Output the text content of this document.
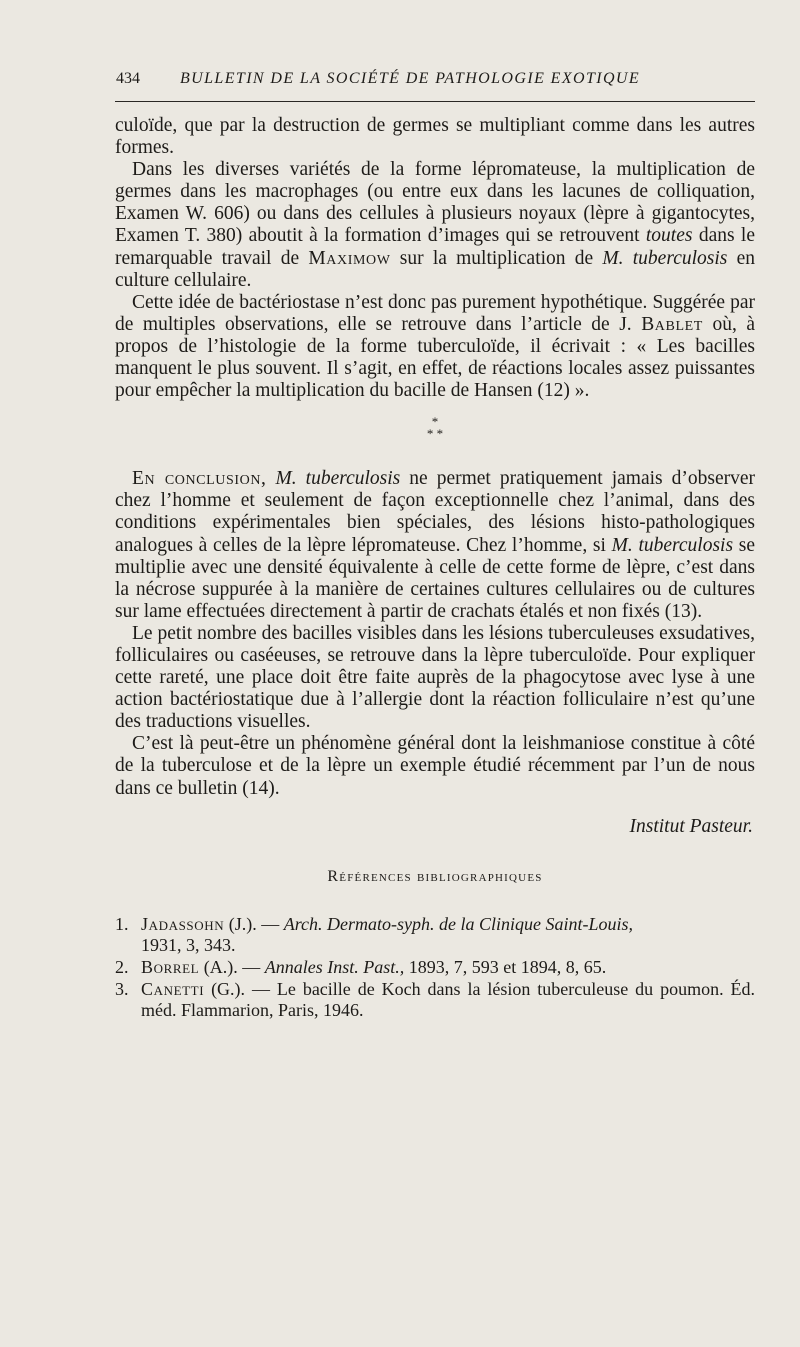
434	BULLETIN DE LA SOCIÉTÉ DE PATHOLOGIE EXOTIQUE

culoïde, que par la destruction de germes se multipliant comme dans les autres formes.

Dans les diverses variétés de la forme lépromateuse, la multiplication de germes dans les macrophages (ou entre eux dans les lacunes de colliquation, Examen W. 606) ou dans des cellules à plusieurs noyaux (lèpre à gigantocytes, Examen T. 380) aboutit à la formation d’images qui se retrouvent toutes dans le remarquable travail de Maximow sur la multiplication de M. tuberculosis en culture cellulaire.

Cette idée de bactériostase n’est donc pas purement hypothétique. Suggérée par de multiples observations, elle se retrouve dans l’article de J. Bablet où, à propos de l’histologie de la forme tuberculoïde, il écrivait : « Les bacilles manquent le plus souvent. Il s’agit, en effet, de réactions locales assez puissantes pour empêcher la multiplication du bacille de Hansen (12) ».

*
* *

En conclusion, M. tuberculosis ne permet pratiquement jamais d’observer chez l’homme et seulement de façon exceptionnelle chez l’animal, dans des conditions expérimentales bien spéciales, des lésions histo-pathologiques analogues à celles de la lèpre lépromateuse. Chez l’homme, si M. tuberculosis se multiplie avec une densité équivalente à celle de cette forme de lèpre, c’est dans la nécrose suppurée à la manière de certaines cultures cellulaires ou de cultures sur lame effectuées directement à partir de crachats étalés et non fixés (13).

Le petit nombre des bacilles visibles dans les lésions tuberculeuses exsudatives, folliculaires ou caséeuses, se retrouve dans la lèpre tuberculoïde. Pour expliquer cette rareté, une place doit être faite auprès de la phagocytose avec lyse à une action bactériostatique due à l’allergie dont la réaction folliculaire n’est qu’une des traductions visuelles.

C’est là peut-être un phénomène général dont la leishmaniose constitue à côté de la tuberculose et de la lèpre un exemple étudié récemment par l’un de nous dans ce bulletin (14).

Institut Pasteur.
Références bibliographiques
1. Jadassohn (J.). — Arch. Dermato-syph. de la Clinique Saint-Louis,
1931, 3, 343.
2. Borrel (A.). — Annales Inst. Past., 1893, 7, 593 et 1894, 8, 65.
3. Canetti (G.). — Le bacille de Koch dans la lésion tuberculeuse du poumon. Éd. méd. Flammarion, Paris, 1946.
